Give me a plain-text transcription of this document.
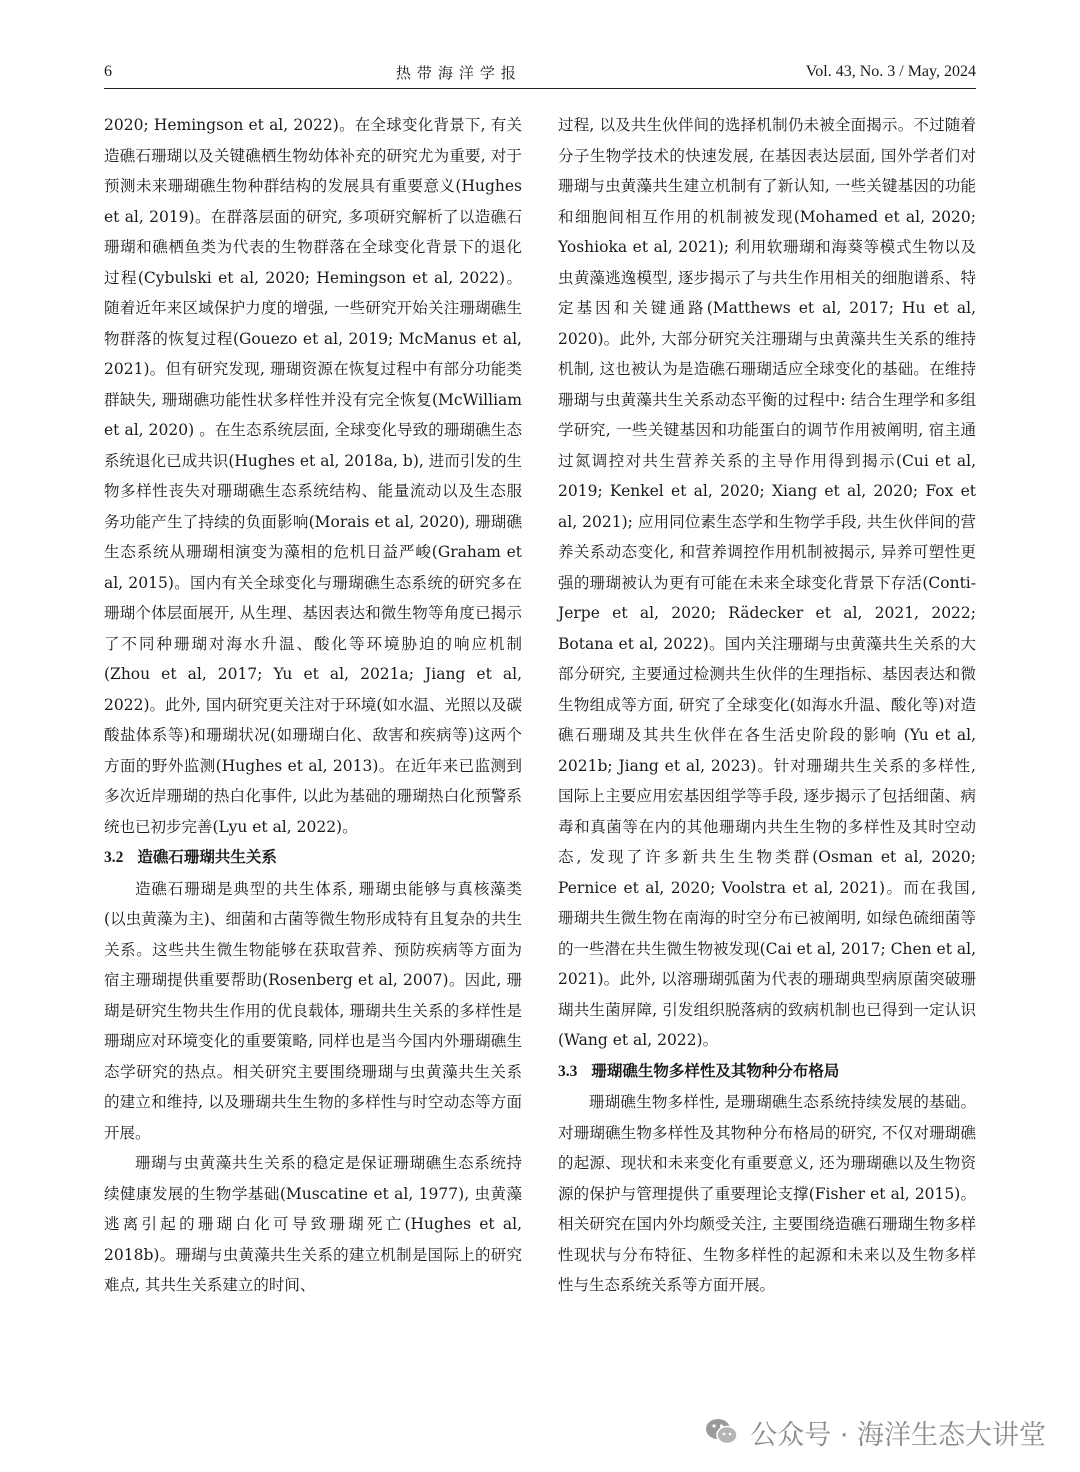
6	热带海洋学报	Vol. 43, No. 3 / May, 2024

2020; Hemingson et al, 2022)。在全球变化背景下, 有关造礁石珊瑚以及关键礁栖生物幼体补充的研究尤为重要, 对于预测未来珊瑚礁生物种群结构的发展具有重要意义(Hughes et al, 2019)。在群落层面的研究, 多项研究解析了以造礁石珊瑚和礁栖鱼类为代表的生物群落在全球变化背景下的退化过程(Cybulski et al, 2020; Hemingson et al, 2022)。随着近年来区域保护力度的增强, 一些研究开始关注珊瑚礁生物群落的恢复过程(Gouezo et al, 2019; McManus et al, 2021)。但有研究发现, 珊瑚资源在恢复过程中有部分功能类群缺失, 珊瑚礁功能性状多样性并没有完全恢复(McWilliam et al, 2020) 。在生态系统层面, 全球变化导致的珊瑚礁生态系统退化已成共识(Hughes et al, 2018a, b), 进而引发的生物多样性丧失对珊瑚礁生态系统结构、能量流动以及生态服务功能产生了持续的负面影响(Morais et al, 2020), 珊瑚礁生态系统从珊瑚相演变为藻相的危机日益严峻(Graham et al, 2015)。国内有关全球变化与珊瑚礁生态系统的研究多在珊瑚个体层面展开, 从生理、基因表达和微生物等角度已揭示了不同种珊瑚对海水升温、酸化等环境胁迫的响应机制(Zhou et al, 2017; Yu et al, 2021a; Jiang et al, 2022)。此外, 国内研究更关注对于环境(如水温、光照以及碳酸盐体系等)和珊瑚状况(如珊瑚白化、敌害和疾病等)这两个方面的野外监测(Hughes et al, 2013)。在近年来已监测到多次近岸珊瑚的热白化事件, 以此为基础的珊瑚热白化预警系统也已初步完善(Lyu et al, 2022)。

3.2 造礁石珊瑚共生关系

造礁石珊瑚是典型的共生体系, 珊瑚虫能够与真核藻类(以虫黄藻为主)、细菌和古菌等微生物形成特有且复杂的共生关系。这些共生微生物能够在获取营养、预防疾病等方面为宿主珊瑚提供重要帮助(Rosenberg et al, 2007)。因此, 珊瑚是研究生物共生作用的优良载体, 珊瑚共生关系的多样性是珊瑚应对环境变化的重要策略, 同样也是当今国内外珊瑚礁生态学研究的热点。相关研究主要围绕珊瑚与虫黄藻共生关系的建立和维持, 以及珊瑚共生生物的多样性与时空动态等方面开展。

珊瑚与虫黄藻共生关系的稳定是保证珊瑚礁生态系统持续健康发展的生物学基础(Muscatine et al, 1977), 虫黄藻逃离引起的珊瑚白化可导致珊瑚死亡(Hughes et al, 2018b)。珊瑚与虫黄藻共生关系的建立机制是国际上的研究难点, 其共生关系建立的时间、

过程, 以及共生伙伴间的选择机制仍未被全面揭示。不过随着分子生物学技术的快速发展, 在基因表达层面, 国外学者们对珊瑚与虫黄藻共生建立机制有了新认知, 一些关键基因的功能和细胞间相互作用的机制被发现(Mohamed et al, 2020; Yoshioka et al, 2021); 利用软珊瑚和海葵等模式生物以及虫黄藻逃逸模型, 逐步揭示了与共生作用相关的细胞谱系、特定基因和关键通路(Matthews et al, 2017; Hu et al, 2020)。此外, 大部分研究关注珊瑚与虫黄藻共生关系的维持机制, 这也被认为是造礁石珊瑚适应全球变化的基础。在维持珊瑚与虫黄藻共生关系动态平衡的过程中: 结合生理学和多组学研究, 一些关键基因和功能蛋白的调节作用被阐明, 宿主通过氮调控对共生营养关系的主导作用得到揭示(Cui et al, 2019; Kenkel et al, 2020; Xiang et al, 2020; Fox et al, 2021); 应用同位素生态学和生物学手段, 共生伙伴间的营养关系动态变化, 和营养调控作用机制被揭示, 异养可塑性更强的珊瑚被认为更有可能在未来全球变化背景下存活(Conti-Jerpe et al, 2020; Rädecker et al, 2021, 2022; Botana et al, 2022)。国内关注珊瑚与虫黄藻共生关系的大部分研究, 主要通过检测共生伙伴的生理指标、基因表达和微生物组成等方面, 研究了全球变化(如海水升温、酸化等)对造礁石珊瑚及其共生伙伴在各生活史阶段的影响 (Yu et al, 2021b; Jiang et al, 2023)。针对珊瑚共生关系的多样性, 国际上主要应用宏基因组学等手段, 逐步揭示了包括细菌、病毒和真菌等在内的其他珊瑚内共生生物的多样性及其时空动态, 发现了许多新共生生物类群(Osman et al, 2020; Pernice et al, 2020; Voolstra et al, 2021)。而在我国, 珊瑚共生微生物在南海的时空分布已被阐明, 如绿色硫细菌等的一些潜在共生微生物被发现(Cai et al, 2017; Chen et al, 2021)。此外, 以溶珊瑚弧菌为代表的珊瑚典型病原菌突破珊瑚共生菌屏障, 引发组织脱落病的致病机制也已得到一定认识(Wang et al, 2022)。

3.3 珊瑚礁生物多样性及其物种分布格局

珊瑚礁生物多样性, 是珊瑚礁生态系统持续发展的基础。对珊瑚礁生物多样性及其物种分布格局的研究, 不仅对珊瑚礁的起源、现状和未来变化有重要意义, 还为珊瑚礁以及生物资源的保护与管理提供了重要理论支撑(Fisher et al, 2015)。相关研究在国内外均颇受关注, 主要围绕造礁石珊瑚生物多样性现状与分布特征、生物多样性的起源和未来以及生物多样性与生态系统关系等方面开展。

公众号 · 海洋生态大讲堂
